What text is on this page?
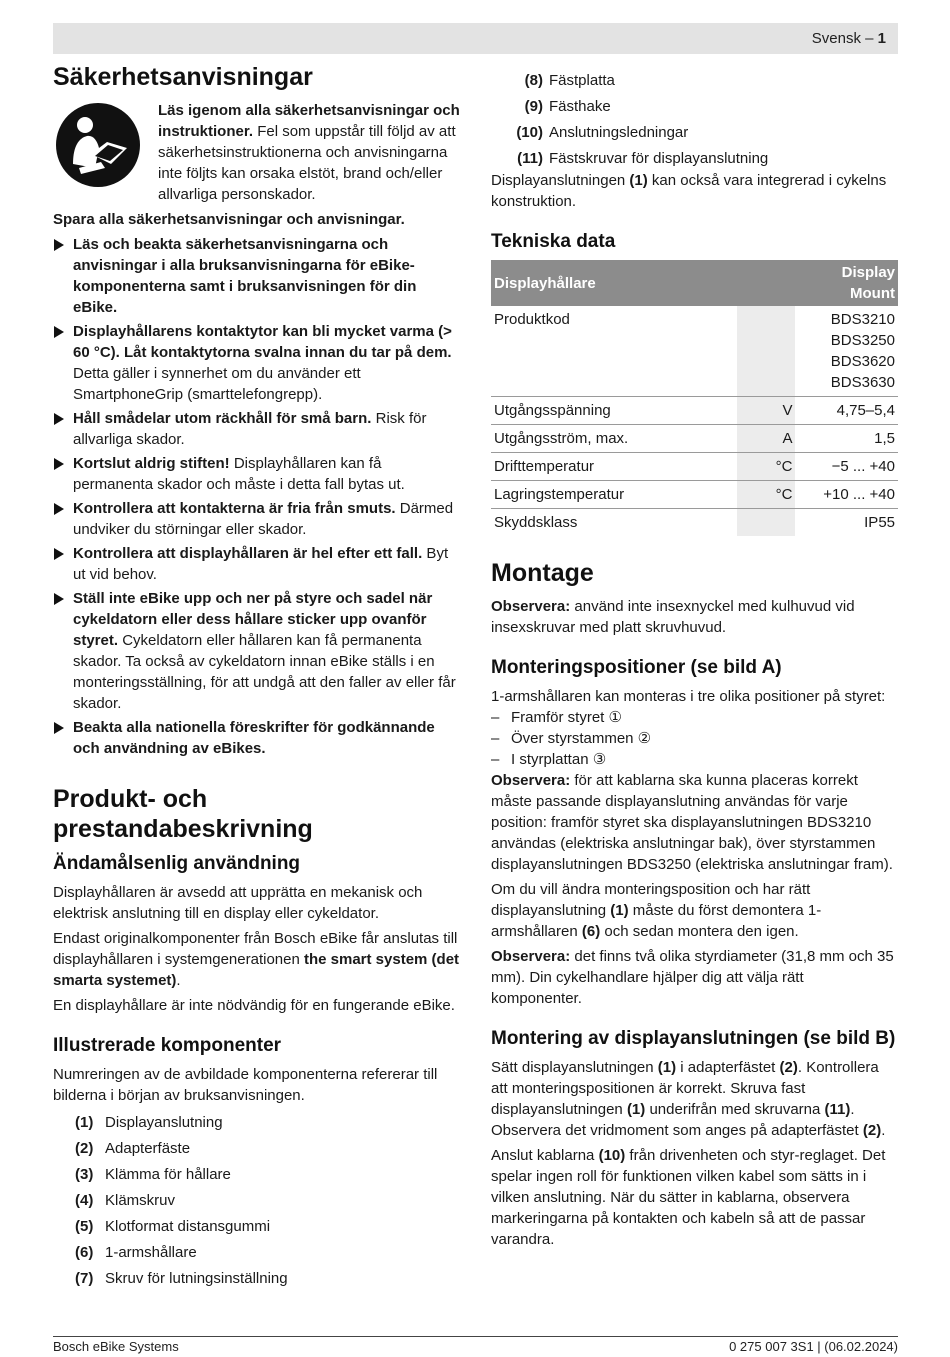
Svensk – 1
Säkerhetsanvisningar

Läs igenom alla säkerhetsanvisningar och instruktioner. Fel som uppstår till följd av att säkerhetsinstruktionerna och anvisningarna inte följts kan orsaka elstöt, brand och/eller allvarliga personskador.

Spara alla säkerhetsanvisningar och anvisningar.

Läs och beakta säkerhetsanvisningarna och anvisningar i alla bruksanvisningarna för eBike-komponenterna samt i bruksanvisningen för din eBike.
Displayhållarens kontaktytor kan bli mycket varma (> 60 °C). Låt kontaktytorna svalna innan du tar på dem. Detta gäller i synnerhet om du använder ett SmartphoneGrip (smarttelefongrepp).
Håll smådelar utom räckhåll för små barn. Risk för allvarliga skador.
Kortslut aldrig stiften! Displayhållaren kan få permanenta skador och måste i detta fall bytas ut.
Kontrollera att kontakterna är fria från smuts. Därmed undviker du störningar eller skador.
Kontrollera att displayhållaren är hel efter ett fall. Byt ut vid behov.
Ställ inte eBike upp och ner på styre och sadel när cykeldatorn eller dess hållare sticker upp ovanför styret. Cykeldatorn eller hållaren kan få permanenta skador. Ta också av cykeldatorn innan eBike ställs i en monteringsställning, för att undgå att den faller av eller får skador.
Beakta alla nationella föreskrifter för godkännande och användning av eBikes.
Produkt- och prestandabeskrivning
Ändamålsenlig användning

Displayhållaren är avsedd att upprätta en mekanisk och elektrisk anslutning till en display eller cykeldator.

Endast originalkomponenter från Bosch eBike får anslutas till displayhållaren i systemgenerationen the smart system (det smarta systemet).

En displayhållare är inte nödvändig för en fungerande eBike.

Illustrerade komponenter

Numreringen av de avbildade komponenterna refererar till bilderna i början av bruksanvisningen.

(1) Displayanslutning
(2) Adapterfäste
(3) Klämma för hållare
(4) Klämskruv
(5) Klotformat distansgummi
(6) 1-armshållare
(7) Skruv för lutningsinställning
(8) Fästplatta
(9) Fästhake
(10) Anslutningsledningar
(11) Fästskruvar för displayanslutning

Displayanslutningen (1) kan också vara integrerad i cykelns konstruktion.

Tekniska data
Displayhållare		Display Mount
Produktkod		BDS3210 BDS3250 BDS3620 BDS3630
Utgångsspänning	V	4,75–5,4
Utgångsström, max.	A	1,5
Drifttemperatur	°C	−5 ... +40
Lagringstemperatur	°C	+10 ... +40
Skyddsklass		IP55
Montage

Observera: använd inte insexnyckel med kulhuvud vid insexskruvar med platt skruvhuvud.

Monteringspositioner (se bild A)

1-armshållaren kan monteras i tre olika positioner på styret:

– Framför styret ①
– Över styrstammen ②
– I styrplattan ③

Observera: för att kablarna ska kunna placeras korrekt måste passande displayanslutning användas för varje position: framför styret ska displayanslutningen BDS3210 användas (elektriska anslutningar bak), över styrstammen displayanslutningen BDS3250 (elektriska anslutningar fram).

Om du vill ändra monteringsposition och har rätt displayanslutning (1) måste du först demontera 1-armshållaren (6) och sedan montera den igen.

Observera: det finns två olika styrdiameter (31,8 mm och 35 mm). Din cykelhandlare hjälper dig att välja rätt komponenter.

Montering av displayanslutningen (se bild B)

Sätt displayanslutningen (1) i adapterfästet (2). Kontrollera att monteringspositionen är korrekt. Skruva fast displayanslutningen (1) underifrån med skruvarna (11). Observera det vridmoment som anges på adapterfästet (2).

Anslut kablarna (10) från drivenheten och styr-reglaget. Det spelar ingen roll för funktionen vilken kabel som sätts in i vilken anslutning. När du sätter in kablarna, observera markeringarna på kontakten och kabeln så att de passar varandra.

Bosch eBike Systems	0 275 007 3S1 | (06.02.2024)
